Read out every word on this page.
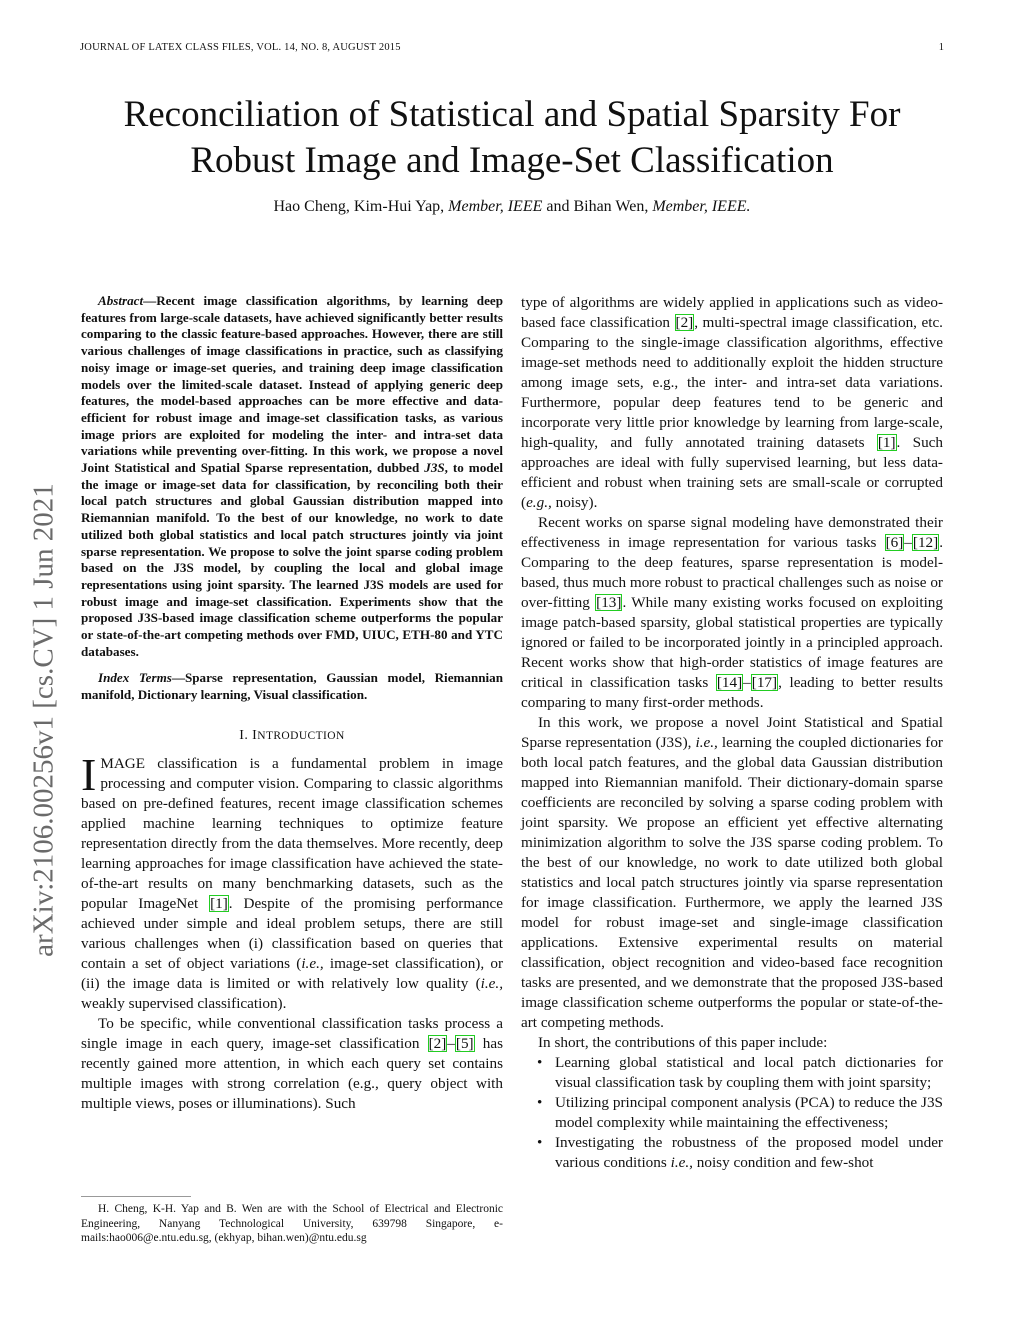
JOURNAL OF LATEX CLASS FILES, VOL. 14, NO. 8, AUGUST 2015	1
Reconciliation of Statistical and Spatial Sparsity For
Robust Image and Image-Set Classification
Hao Cheng, Kim-Hui Yap, Member, IEEE and Bihan Wen, Member, IEEE.
arXiv:2106.00256v1 [cs.CV] 1 Jun 2021

Abstract—Recent image classification algorithms, by learning deep features from large-scale datasets, have achieved significantly better results comparing to the classic feature-based approaches. However, there are still various challenges of image classifications in practice, such as classifying noisy image or image-set queries, and training deep image classification models over the limited-scale dataset. Instead of applying generic deep features, the model-based approaches can be more effective and data-efficient for robust image and image-set classification tasks, as various image priors are exploited for modeling the inter- and intra-set data variations while preventing over-fitting. In this work, we propose a novel Joint Statistical and Spatial Sparse representation, dubbed J3S, to model the image or image-set data for classification, by reconciling both their local patch structures and global Gaussian distribution mapped into Riemannian manifold. To the best of our knowledge, no work to date utilized both global statistics and local patch structures jointly via joint sparse representation. We propose to solve the joint sparse coding problem based on the J3S model, by coupling the local and global image representations using joint sparsity. The learned J3S models are used for robust image and image-set classification. Experiments show that the proposed J3S-based image classification scheme outperforms the popular or state-of-the-art competing methods over FMD, UIUC, ETH-80 and YTC databases.

Index Terms—Sparse representation, Gaussian model, Riemannian manifold, Dictionary learning, Visual classification.

I. INTRODUCTION

IMAGE classification is a fundamental problem in image processing and computer vision. Comparing to classic algorithms based on pre-defined features, recent image classification schemes applied machine learning techniques to optimize feature representation directly from the data themselves. More recently, deep learning approaches for image classification have achieved the state-of-the-art results on many benchmarking datasets, such as the popular ImageNet [1]. Despite of the promising performance achieved under simple and ideal problem setups, there are still various challenges when (i) classification based on queries that contain a set of object variations (i.e., image-set classification), or (ii) the image data is limited or with relatively low quality (i.e., weakly supervised classification).

To be specific, while conventional classification tasks process a single image in each query, image-set classification [2]–[5] has recently gained more attention, in which each query set contains multiple images with strong correlation (e.g., query object with multiple views, poses or illuminations). Such

H. Cheng, K-H. Yap and B. Wen are with the School of Electrical and Electronic Engineering, Nanyang Technological University, 639798 Singapore, e-mails:hao006@e.ntu.edu.sg, (ekhyap, bihan.wen)@ntu.edu.sg

type of algorithms are widely applied in applications such as video-based face classification [2], multi-spectral image classification, etc. Comparing to the single-image classification algorithms, effective image-set methods need to additionally exploit the hidden structure among image sets, e.g., the inter- and intra-set data variations. Furthermore, popular deep features tend to be generic and incorporate very little prior knowledge by learning from large-scale, high-quality, and fully annotated training datasets [1]. Such approaches are ideal with fully supervised learning, but less data-efficient and robust when training sets are small-scale or corrupted (e.g., noisy).

Recent works on sparse signal modeling have demonstrated their effectiveness in image representation for various tasks [6]–[12]. Comparing to the deep features, sparse representation is model-based, thus much more robust to practical challenges such as noise or over-fitting [13]. While many existing works focused on exploiting image patch-based sparsity, global statistical properties are typically ignored or failed to be incorporated jointly in a principled approach. Recent works show that high-order statistics of image features are critical in classification tasks [14]–[17], leading to better results comparing to many first-order methods.

In this work, we propose a novel Joint Statistical and Spatial Sparse representation (J3S), i.e., learning the coupled dictionaries for both local patch features, and the global data Gaussian distribution mapped into Riemannian manifold. Their dictionary-domain sparse coefficients are reconciled by solving a sparse coding problem with joint sparsity. We propose an efficient yet effective alternating minimization algorithm to solve the J3S sparse coding problem. To the best of our knowledge, no work to date utilized both global statistics and local patch structures jointly via sparse representation for image classification. Furthermore, we apply the learned J3S model for robust image-set and single-image classification applications. Extensive experimental results on material classification, object recognition and video-based face recognition tasks are presented, and we demonstrate that the proposed J3S-based image classification scheme outperforms the popular or state-of-the-art competing methods.

In short, the contributions of this paper include:

• Learning global statistical and local patch dictionaries for visual classification task by coupling them with joint sparsity;
• Utilizing principal component analysis (PCA) to reduce the J3S model complexity while maintaining the effectiveness;
• Investigating the robustness of the proposed model under various conditions i.e., noisy condition and few-shot
